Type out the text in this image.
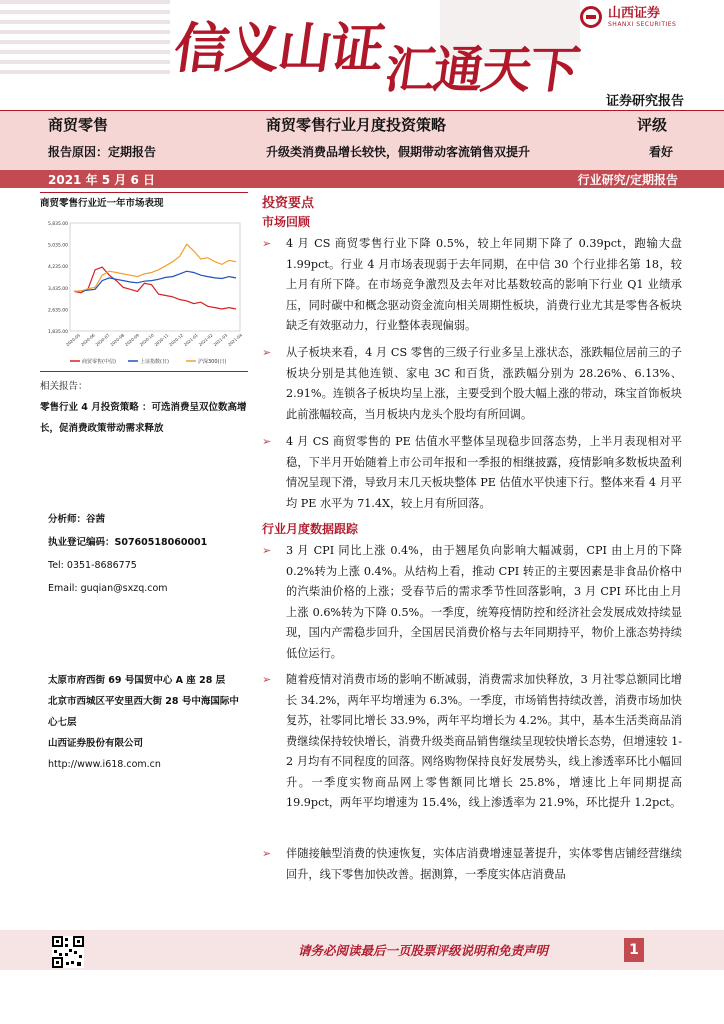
信义山证
汇通天下
山西证券
SHANXI SECURITIES
证券研究报告
商贸零售	商贸零售行业月度投资策略	评级
报告原因：定期报告	升级类消费品增长较快，假期带动客流销售双提升	看好
2021 年 5 月 6 日	行业研究/定期报告
商贸零售行业近一年市场表现
5,835.00
5,035.00
4,235.00
3,435.00
2,635.00
1,835.00
2020-05
2020-06
2020-07
2020-08
2020-09
2020-10
2020-11
2020-12
2021-01
2021-02
2021-03
2021-04
商贸零售(中信)	上证指数(日)	沪深300(日)
相关报告：
零售行业 4 月投资策略 ：可选消费呈双位数高增长，促消费政策带动需求释放
分析师：谷茜
执业登记编码：S0760518060001
Tel: 0351-8686775
Email: guqian@sxzq.com
太原市府西街 69 号国贸中心 A 座 28 层
北京市西城区平安里西大街 28 号中海国际中心七层
山西证券股份有限公司
http://www.i618.com.cn
投资要点
市场回顾
➢ 4 月 CS 商贸零售行业下降 0.5%，较上年同期下降了 0.39pct，跑输大盘 1.99pct。行业 4 月市场表现弱于去年同期，在中信 30 个行业排名第 18，较上月有所下降。在市场竞争激烈及去年对比基数较高的影响下行业 Q1 业绩承压，同时碳中和概念驱动资金流向相关周期性板块，消费行业尤其是零售各板块缺乏有效驱动力，行业整体表现偏弱。
➢ 从子板块来看，4 月 CS 零售的三级子行业多呈上涨状态，涨跌幅位居前三的子板块分别是其他连锁、家电 3C 和百货，涨跌幅分别为 28.26%、6.13%、2.91%。连锁各子板块均呈上涨，主要受到个股大幅上涨的带动，珠宝首饰板块此前涨幅较高，当月板块内龙头个股均有所回调。
➢ 4 月 CS 商贸零售的 PE 估值水平整体呈现稳步回落态势，上半月表现相对平稳，下半月开始随着上市公司年报和一季报的相继披露，疫情影响多数板块盈利情况呈现下滑，导致月末几天板块整体 PE 估值水平快速下行。整体来看 4 月平均 PE 水平为 71.4X，较上月有所回落。
行业月度数据跟踪
➢ 3 月 CPI 同比上涨 0.4%，由于翘尾负向影响大幅减弱，CPI 由上月的下降 0.2%转为上涨 0.4%。从结构上看，推动 CPI 转正的主要因素是非食品价格中的汽柴油价格的上涨；受春节后的需求季节性回落影响，3 月 CPI 环比由上月上涨 0.6%转为下降 0.5%。一季度，统筹疫情防控和经济社会发展成效持续显现，国内产需稳步回升，全国居民消费价格与去年同期持平，物价上涨态势持续低位运行。
➢ 随着疫情对消费市场的影响不断减弱，消费需求加快释放，3 月社零总额同比增长 34.2%，两年平均增速为 6.3%。一季度，市场销售持续改善，消费市场加快复苏，社零同比增长 33.9%，两年平均增长为 4.2%。其中，基本生活类商品消费继续保持较快增长，消费升级类商品销售继续呈现较快增长态势，但增速较 1-2 月均有不同程度的回落。网络购物保持良好发展势头，线上渗透率环比小幅回升。一季度实物商品网上零售额同比增长 25.8%，增速比上年同期提高 19.9pct，两年平均增速为 15.4%，线上渗透率为 21.9%，环比提升 1.2pct。
➢ 伴随接触型消费的快速恢复，实体店消费增速显著提升，实体零售店铺经营继续回升，线下零售加快改善。据测算，一季度实体店消费品
请务必阅读最后一页股票评级说明和免责声明	1
